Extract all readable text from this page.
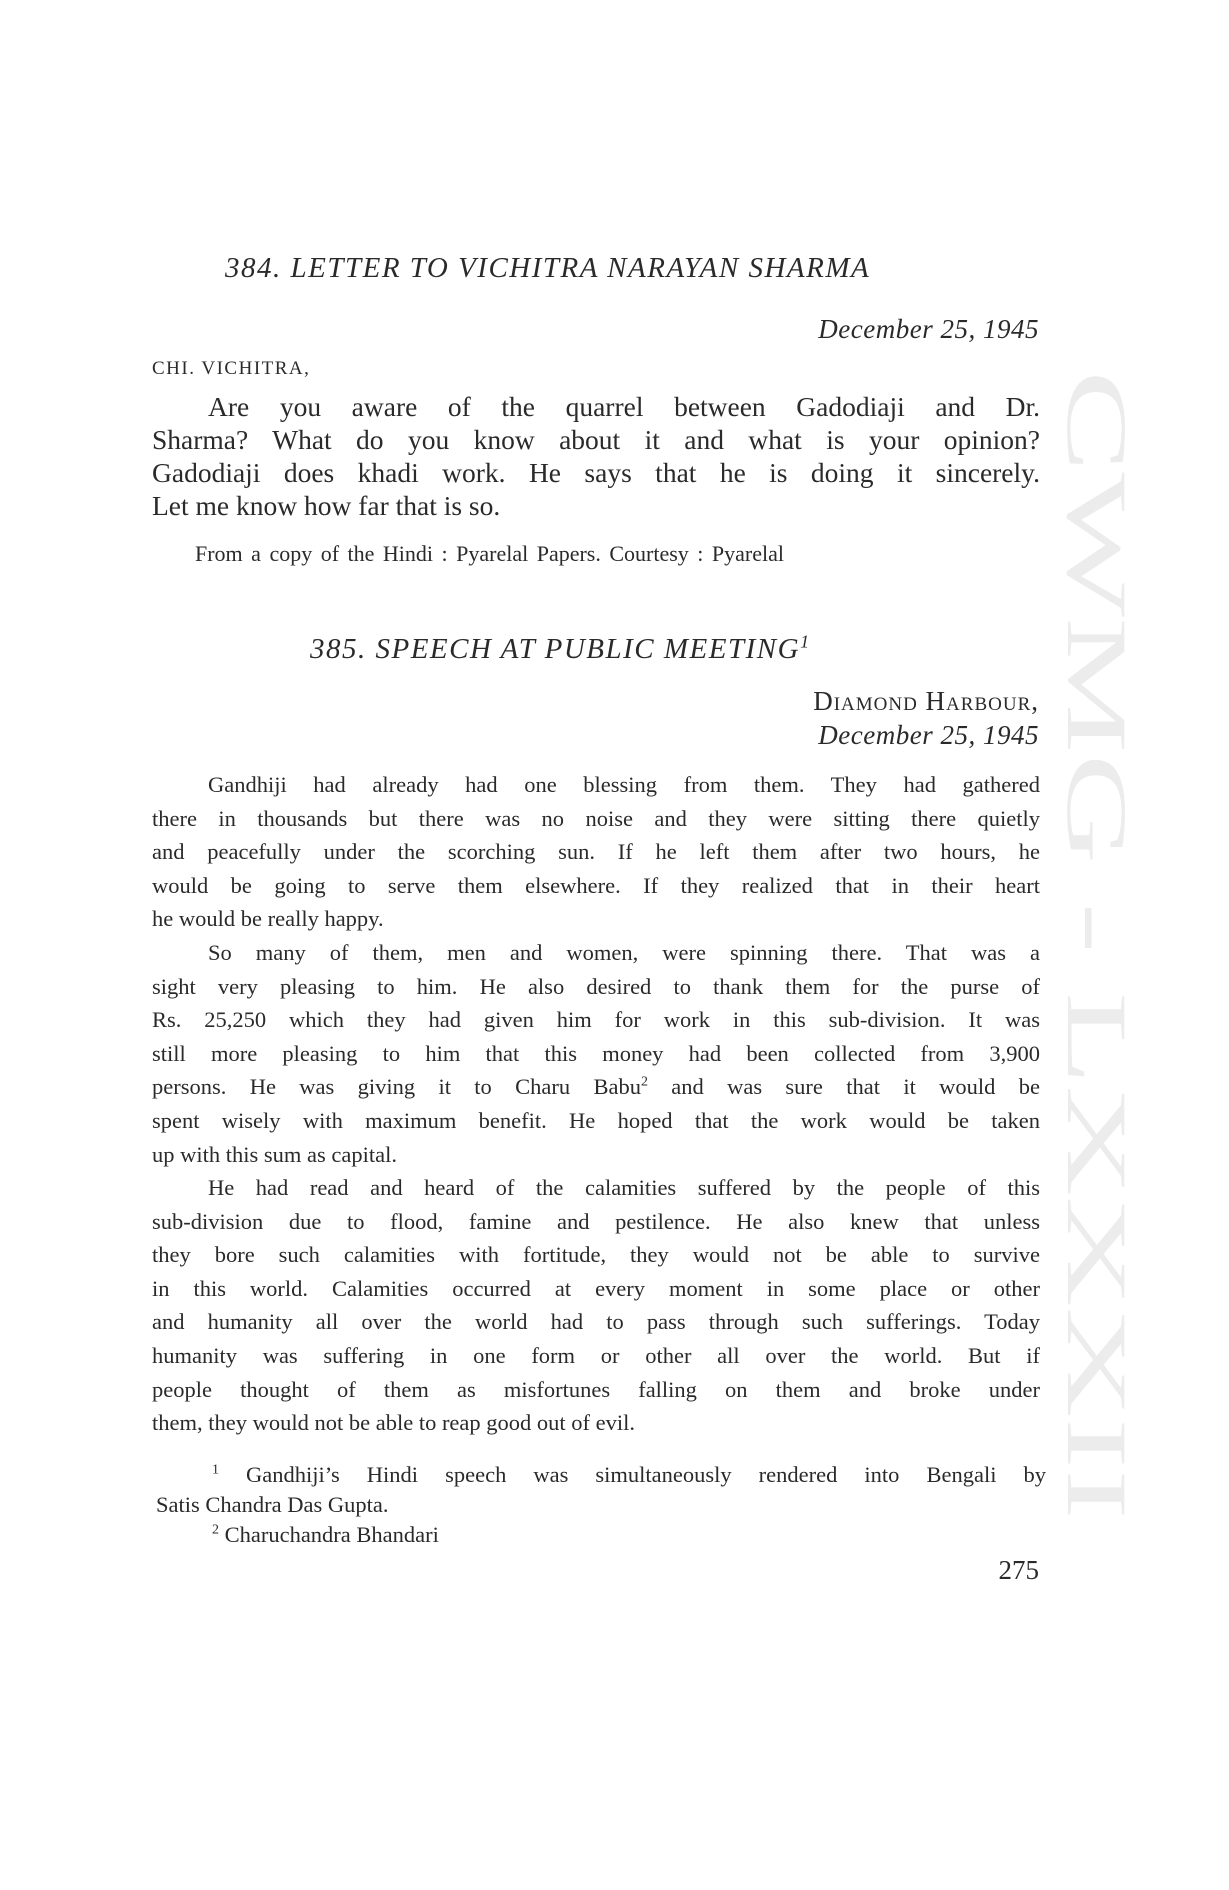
CWMG - LXXXII
384. LETTER TO VICHITRA NARAYAN SHARMA
December 25, 1945
CHI. VICHITRA,
Are you aware of the quarrel between Gadodiaji and Dr.
Sharma? What do you know about it and what is your opinion?
Gadodiaji does khadi work. He says that he is doing it sincerely.
Let me know how far that is so.
From a copy of the Hindi : Pyarelal Papers. Courtesy : Pyarelal
385. SPEECH AT PUBLIC MEETING$^1$
Diamond Harbour,
December 25, 1945
Gandhiji had already had one blessing from them. They had gathered
there in thousands but there was no noise and they were sitting there quietly
and peacefully under the scorching sun. If he left them after two hours, he
would be going to serve them elsewhere. If they realized that in their heart
he would be really happy.
So many of them, men and women, were spinning there. That was a
sight very pleasing to him. He also desired to thank them for the purse of
Rs. 25,250 which they had given him for work in this sub-division. It was
still more pleasing to him that this money had been collected from 3,900
persons. He was giving it to Charu Babu$^2$ and was sure that it would be
spent wisely with maximum benefit. He hoped that the work would be taken
up with this sum as capital.
He had read and heard of the calamities suffered by the people of this
sub-division due to flood, famine and pestilence. He also knew that unless
they bore such calamities with fortitude, they would not be able to survive
in this world. Calamities occurred at every moment in some place or other
and humanity all over the world had to pass through such sufferings. Today
humanity was suffering in one form or other all over the world. But if
people thought of them as misfortunes falling on them and broke under
them, they would not be able to reap good out of evil.
$^1$ Gandhiji’s Hindi speech was simultaneously rendered into Bengali by
Satis Chandra Das Gupta.
$^2$ Charuchandra Bhandari
275
